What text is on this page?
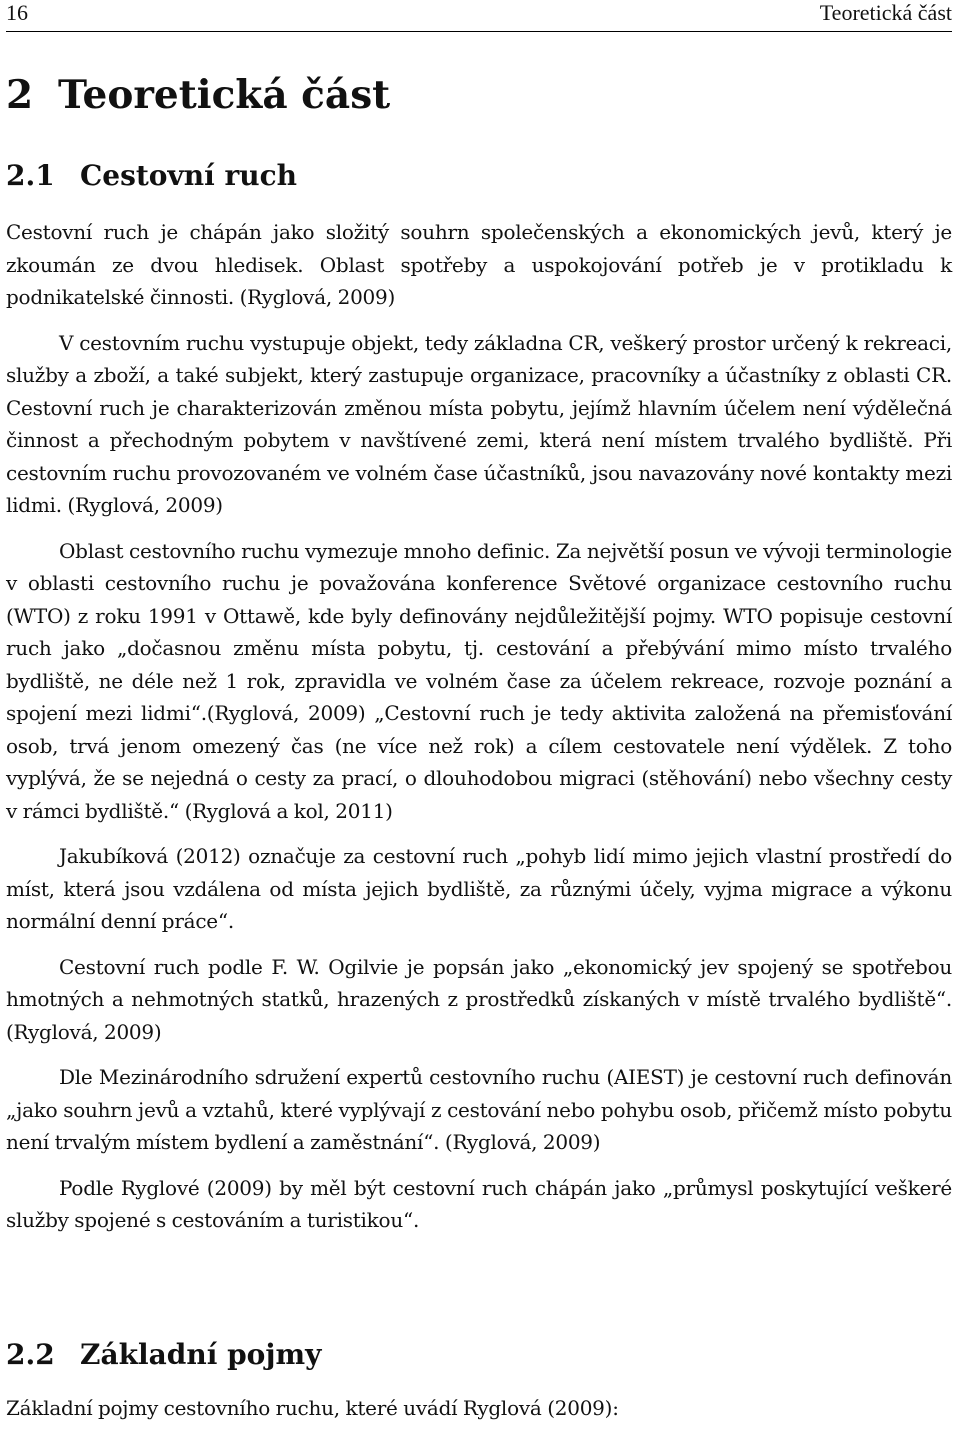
16	Teoretická část
2 Teoretická část
2.1 Cestovní ruch

Cestovní ruch je chápán jako složitý souhrn společenských a ekonomických jevů, který je zkoumán ze dvou hledisek. Oblast spotřeby a uspokojování potřeb je v protikladu k podnikatelské činnosti. (Ryglová, 2009)

V cestovním ruchu vystupuje objekt, tedy základna CR, veškerý prostor určený k rekreaci, služby a zboží, a také subjekt, který zastupuje organizace, pracovníky a účastníky z oblasti CR. Cestovní ruch je charakterizován změnou místa pobytu, jejímž hlavním účelem není výdělečná činnost a přechodným pobytem v navštívené zemi, která není místem trvalého bydliště. Při cestovním ruchu provozovaném ve volném čase účastníků, jsou navazovány nové kontakty mezi lidmi. (Ryglová, 2009)

Oblast cestovního ruchu vymezuje mnoho definic. Za největší posun ve vývoji terminologie v oblasti cestovního ruchu je považována konference Světové organizace cestovního ruchu (WTO) z roku 1991 v Ottawě, kde byly definovány nejdůležitější pojmy. WTO popisuje cestovní ruch jako „dočasnou změnu místa pobytu, tj. cestování a přebývání mimo místo trvalého bydliště, ne déle než 1 rok, zpravidla ve volném čase za účelem rekreace, rozvoje poznání a spojení mezi lidmi“.(Ryglová, 2009) „Cestovní ruch je tedy aktivita založená na přemisťování osob, trvá jenom omezený čas (ne více než rok) a cílem cestovatele není výdělek. Z toho vyplývá, že se nejedná o cesty za prací, o dlouhodobou migraci (stěhování) nebo všechny cesty v rámci bydliště.“ (Ryglová a kol, 2011)

Jakubíková (2012) označuje za cestovní ruch „pohyb lidí mimo jejich vlastní prostředí do míst, která jsou vzdálena od místa jejich bydliště, za různými účely, vyjma migrace a výkonu normální denní práce“.

Cestovní ruch podle F. W. Ogilvie je popsán jako „ekonomický jev spojený se spotřebou hmotných a nehmotných statků, hrazených z prostředků získaných v místě trvalého bydliště“. (Ryglová, 2009)

Dle Mezinárodního sdružení expertů cestovního ruchu (AIEST) je cestovní ruch definován „jako souhrn jevů a vztahů, které vyplývají z cestování nebo pohybu osob, přičemž místo pobytu není trvalým místem bydlení a zaměstnání“. (Ryglová, 2009)

Podle Ryglové (2009) by měl být cestovní ruch chápán jako „průmysl poskytující veškeré služby spojené s cestováním a turistikou“.

2.2 Základní pojmy

Základní pojmy cestovního ruchu, které uvádí Ryglová (2009):
